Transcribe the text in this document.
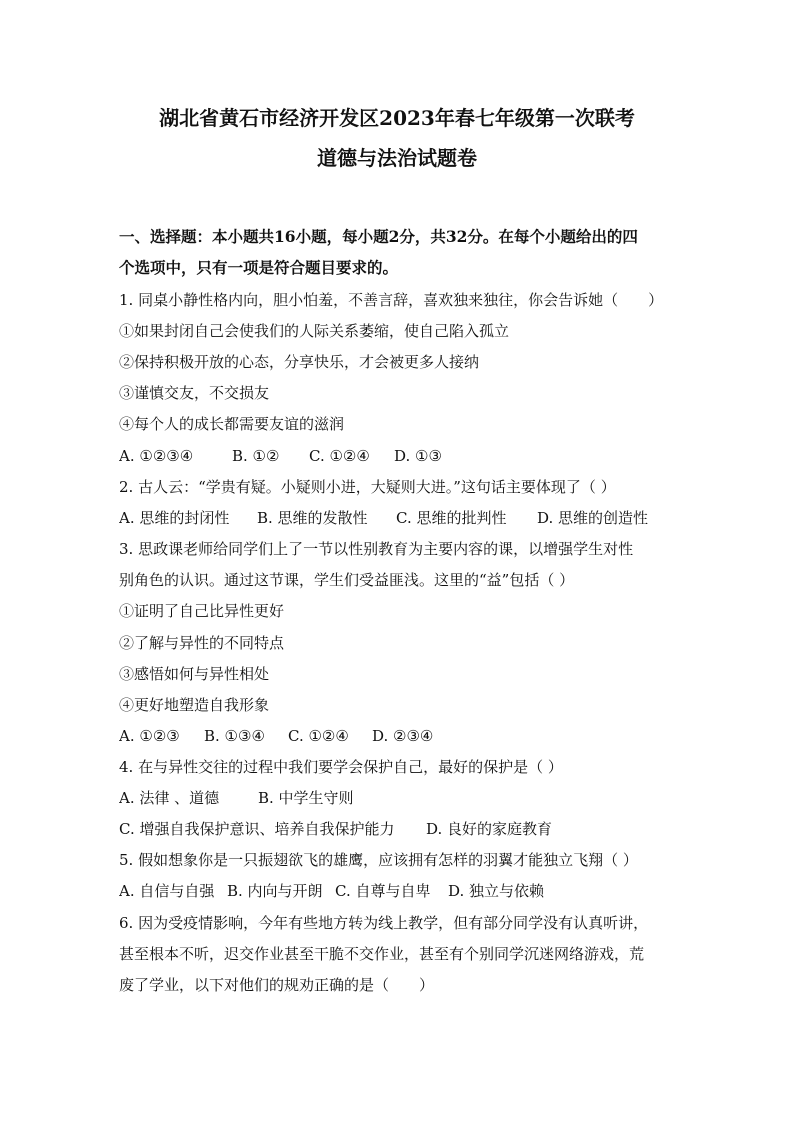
湖北省黄石市经济开发区2023年春七年级第一次联考
道德与法治试题卷
一、选择题：本小题共16小题，每小题2分，共32分。在每个小题给出的四
个选项中，只有一项是符合题目要求的。
1. 同桌小静性格内向，胆小怕羞，不善言辞，喜欢独来独往，你会告诉她（　　）
①如果封闭自己会使我们的人际关系萎缩，使自己陷入孤立
②保持积极开放的心态，分享快乐，才会被更多人接纳
③谨慎交友，不交损友
④每个人的成长都需要友谊的滋润
A. ①②③④	B. ①② C. ①②④ D. ①③
2. 古人云：“学贵有疑。小疑则小进，大疑则大进。”这句话主要体现了（ ）
A. 思维的封闭性 B. 思维的发散性 C. 思维的批判性 D. 思维的创造性
3. 思政课老师给同学们上了一节以性别教育为主要内容的课，以增强学生对性
别角色的认识。通过这节课，学生们受益匪浅。这里的“益”包括（ ）
①证明了自己比异性更好
②了解与异性的不同特点
③感悟如何与异性相处
④更好地塑造自我形象
A. ①②③ B. ①③④ C. ①②④ D. ②③④
4. 在与异性交往的过程中我们要学会保护自己，最好的保护是（ ）
A. 法律 、道德	B. 中学生守则
C. 增强自我保护意识、培养自我保护能力 D. 良好的家庭教育
5. 假如想象你是一只振翅欲飞的雄鹰，应该拥有怎样的羽翼才能独立飞翔（ ）
A. 自信与自强 B. 内向与开朗 C. 自尊与自卑 D. 独立与依赖
6. 因为受疫情影响，今年有些地方转为线上教学，但有部分同学没有认真听讲，
甚至根本不听，迟交作业甚至干脆不交作业，甚至有个别同学沉迷网络游戏，荒
废了学业，以下对他们的规劝正确的是（　　）
